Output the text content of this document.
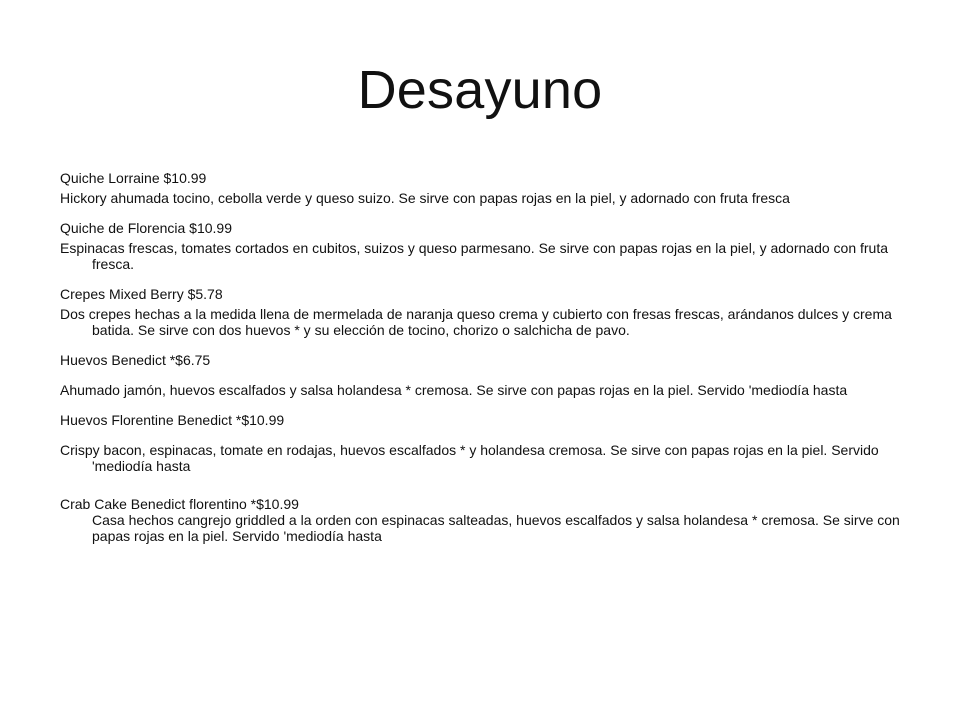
Desayuno

Quiche Lorraine $10.99

Hickory ahumada tocino, cebolla verde y queso suizo. Se sirve con papas rojas en la piel, y adornado con fruta fresca

Quiche de Florencia $10.99

Espinacas frescas, tomates cortados en cubitos, suizos y queso parmesano. Se sirve con papas rojas en la piel, y adornado con fruta fresca.

Crepes Mixed Berry $5.78

Dos crepes hechas a la medida llena de mermelada de naranja queso crema y cubierto con fresas frescas, arándanos dulces y crema batida. Se sirve con dos huevos * y su elección de tocino, chorizo o salchicha de pavo.

Huevos Benedict *$6.75

Ahumado jamón, huevos escalfados y salsa holandesa * cremosa. Se sirve con papas rojas en la piel. Servido 'mediodía hasta

Huevos Florentine Benedict *$10.99

Crispy bacon, espinacas, tomate en rodajas, huevos escalfados * y holandesa cremosa. Se sirve con papas rojas en la piel. Servido 'mediodía hasta

Crab Cake Benedict florentino *$10.99

Casa hechos cangrejo griddled a la orden con espinacas salteadas, huevos escalfados y salsa holandesa * cremosa. Se sirve con papas rojas en la piel. Servido 'mediodía hasta
